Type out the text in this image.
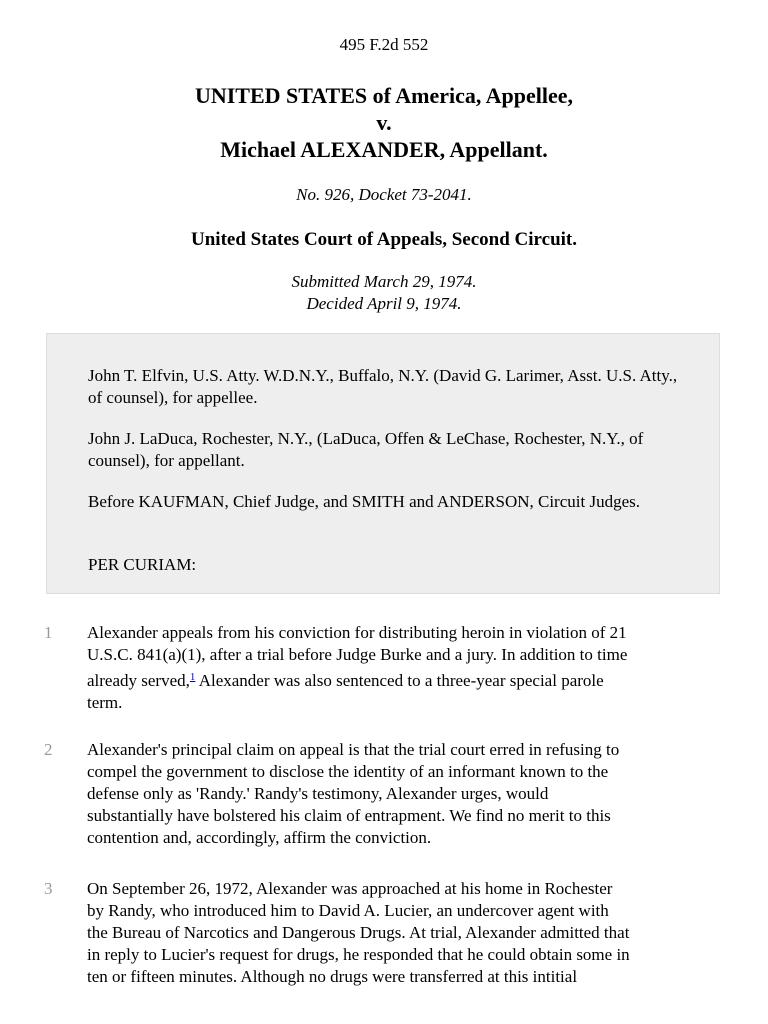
495 F.2d 552
UNITED STATES of America, Appellee,
v.
Michael ALEXANDER, Appellant.
No. 926, Docket 73-2041.
United States Court of Appeals, Second Circuit.
Submitted March 29, 1974.
Decided April 9, 1974.

John T. Elfvin, U.S. Atty. W.D.N.Y., Buffalo, N.Y. (David G. Larimer, Asst. U.S. Atty., of counsel), for appellee.

John J. LaDuca, Rochester, N.Y., (LaDuca, Offen & LeChase, Rochester, N.Y., of counsel), for appellant.

Before KAUFMAN, Chief Judge, and SMITH and ANDERSON, Circuit Judges.

PER CURIAM:

1 Alexander appeals from his conviction for distributing heroin in violation of 21
U.S.C. 841(a)(1), after a trial before Judge Burke and a jury. In addition to time
already served,$^1$ Alexander was also sentenced to a three-year special parole
term.
2 Alexander's principal claim on appeal is that the trial court erred in refusing to
compel the government to disclose the identity of an informant known to the
defense only as 'Randy.' Randy's testimony, Alexander urges, would
substantially have bolstered his claim of entrapment. We find no merit to this
contention and, accordingly, affirm the conviction.
3 On September 26, 1972, Alexander was approached at his home in Rochester
by Randy, who introduced him to David A. Lucier, an undercover agent with
the Bureau of Narcotics and Dangerous Drugs. At trial, Alexander admitted that
in reply to Lucier's request for drugs, he responded that he could obtain some in
ten or fifteen minutes. Although no drugs were transferred at this intitial
